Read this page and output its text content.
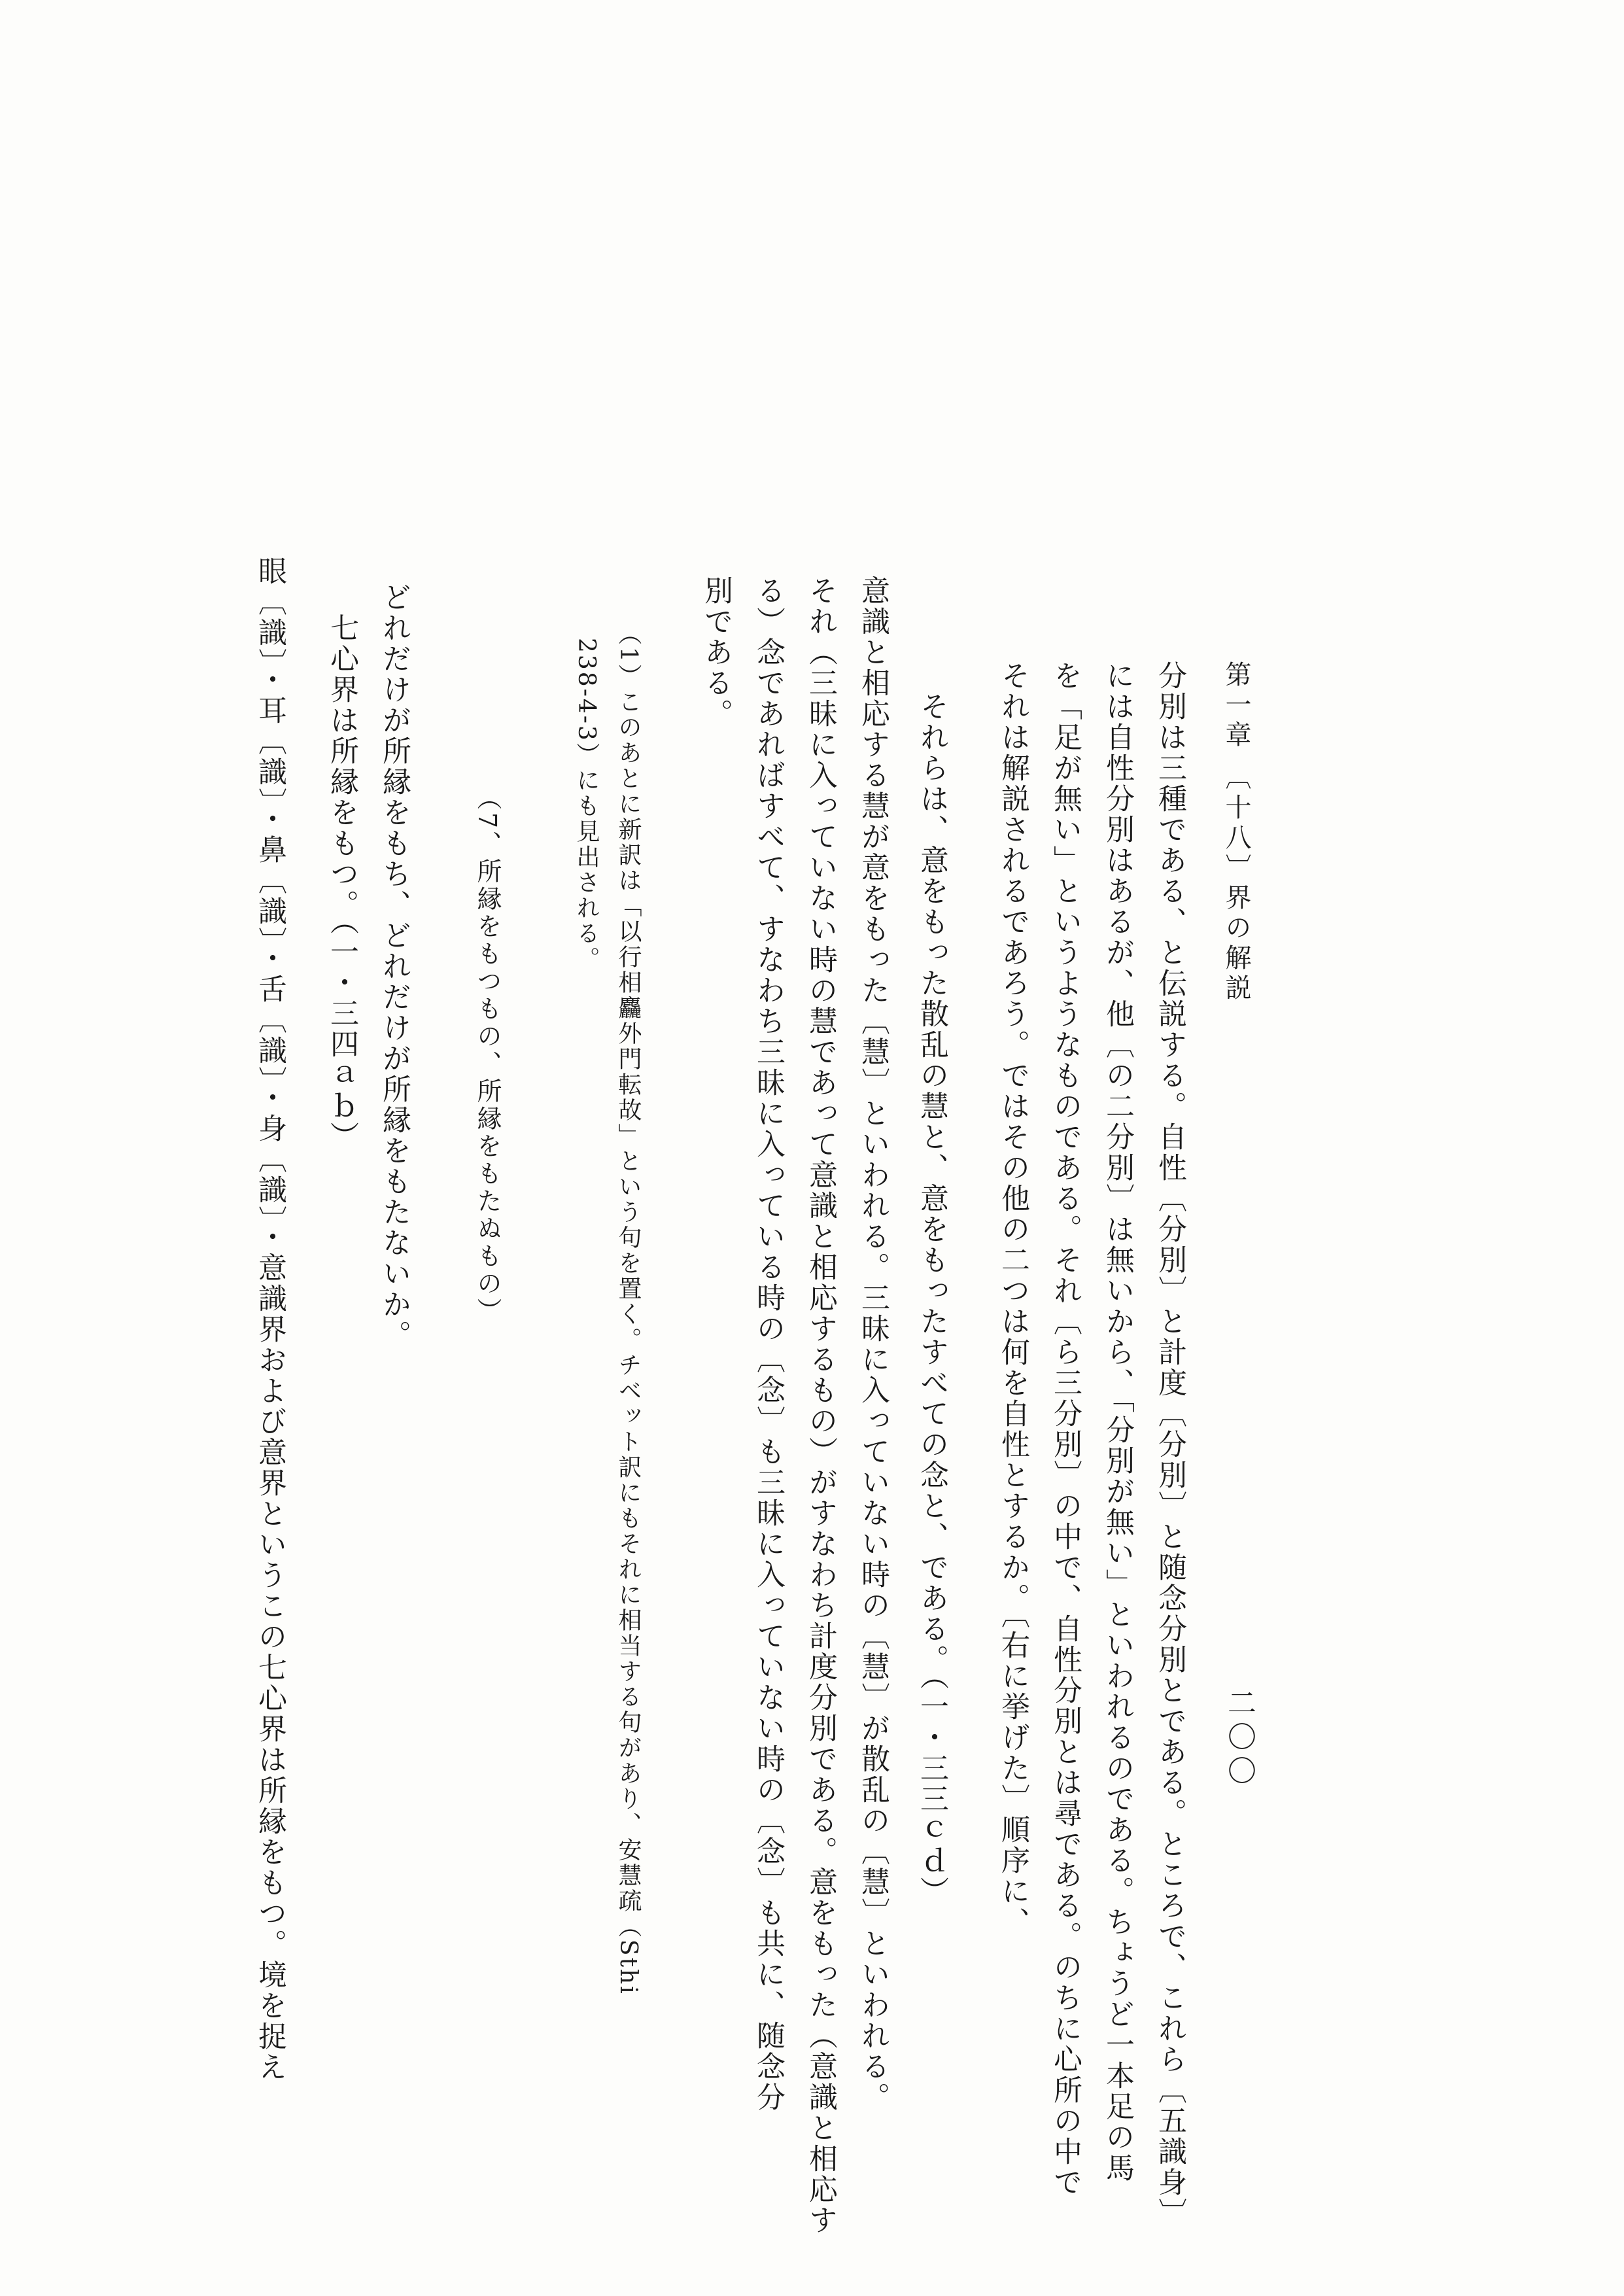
第一章 〔十八〕界の解説
二〇〇
分別は三種である、と伝説する。自性〔分別〕と計度〔分別〕と随念分別とである。ところで、これら〔五識身〕
には自性分別はあるが、他〔の二分別〕は無いから、「分別が無い」といわれるのである。ちょうど一本足の馬
を「足が無い」というようなものである。それ〔ら三分別〕の中で、自性分別とは尋である。のちに心所の中で
それは解説されるであろう。ではその他の二つは何を自性とするか。〔右に挙げた〕順序に、
　それらは、意をもった散乱の慧と、意をもったすべての念と、である。（一・三三ｃｄ）
意識と相応する慧が意をもった〔慧〕といわれる。三昧に入っていない時の〔慧〕が散乱の〔慧〕といわれる。
それ（三昧に入っていない時の慧であって意識と相応するもの）がすなわち計度分別である。意をもった（意識と相応す
る）念であればすべて、すなわち三昧に入っている時の〔念〕も三昧に入っていない時の〔念〕も共に、随念分
別である。
（1）このあとに新訳は「以行相麤外門転故」という句を置く。チベット訳にもそれに相当する句があり、安慧疏（Sthi
238-4-3）にも見出される。
（7、所縁をもつもの、所縁をもたぬもの）
どれだけが所縁をもち、どれだけが所縁をもたないか。
　七心界は所縁をもつ。（一・三四ａｂ）
眼〔識〕・耳〔識〕・鼻〔識〕・舌〔識〕・身〔識〕・意識界および意界というこの七心界は所縁をもつ。境を捉え
